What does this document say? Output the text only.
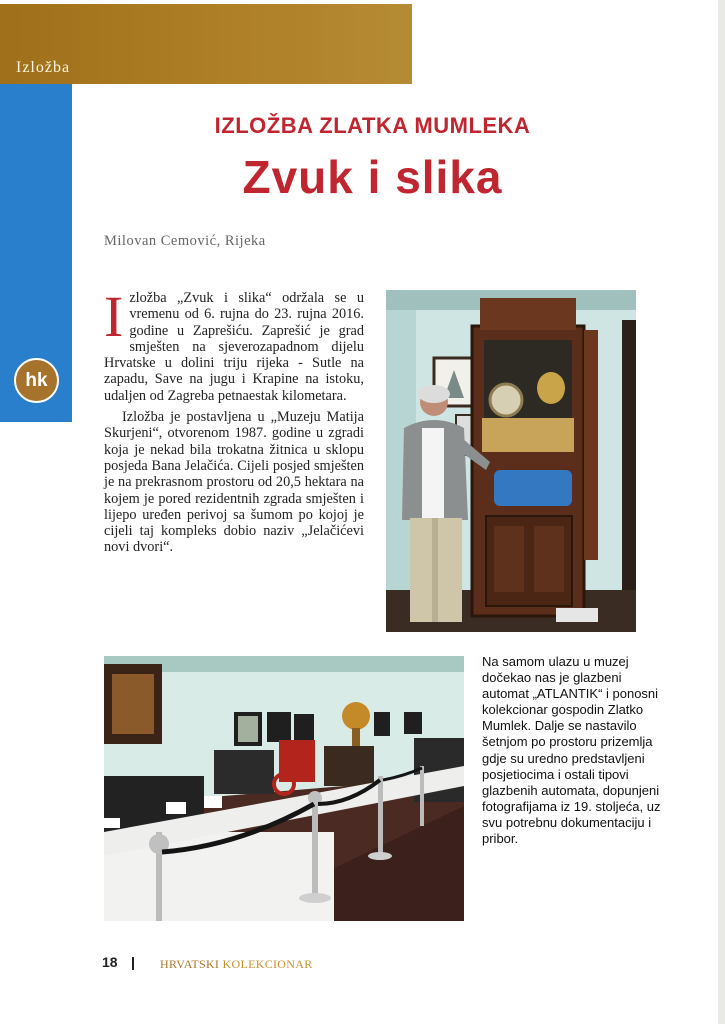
Izložba
hk
IZLOŽBA ZLATKA MUMLEKA
Zvuk i slika
Milovan Cemović, Rijeka

Izložba „Zvuk i slika“ održala se u vremenu od 6. rujna do 23. rujna 2016. godine u Zaprešiću. Zaprešić je grad smješten na sjeverozapadnom dijelu Hrvatske u dolini triju rijeka - Sutle na zapadu, Save na jugu i Krapine na istoku, udaljen od Zagreba petnaestak kilometara.

Izložba je postavljena u „Muzeju Matija Skurjeni“, otvorenom 1987. godine u zgradi koja je nekad bila trokatna žitnica u sklopu posjeda Bana Jelačića. Cijeli posjed smješten je na prekrasnom prostoru od 20,5 hektara na kojem je pored rezidentnih zgrada smješten i lijepo uređen perivoj sa šumom po kojoj je cijeli taj kompleks dobio naziv „Jelačićevi novi dvori“.

Na samom ulazu u muzej dočekao nas je glazbeni automat „ATLANTIK“ i ponosni kolekcionar gospodin Zlatko Mumlek. Dalje se nastavilo šetnjom po prostoru prizemlja gdje su uredno predstavljeni posjetiocima i ostali tipovi glazbenih automata, dopunjeni fotografijama iz 19. stoljeća, uz svu potrebnu dokumentaciju i pribor.
18	HRVATSKI KOLEKCIONAR
